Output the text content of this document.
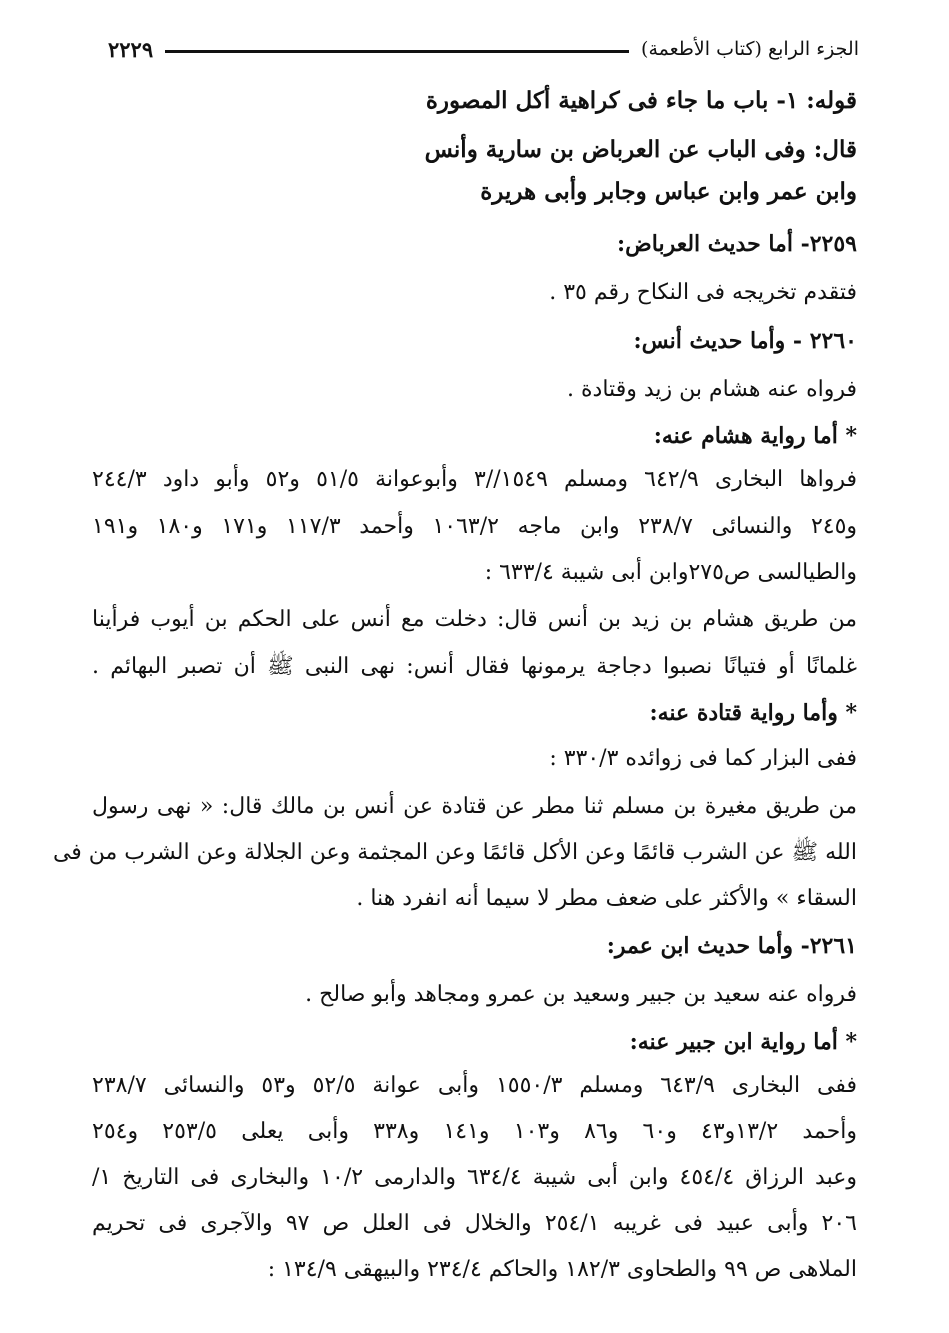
الجزء الرابع (كتاب الأطعمة)
٢٢٢٩
قوله: ١- باب ما جاء فى كراهية أكل المصورة
قال: وفى الباب عن العرباض بن سارية وأنس
وابن عمر وابن عباس وجابر وأبى هريرة
٢٢٥٩- أما حديث العرباض:
فتقدم تخريجه فى النكاح رقم ٣٥ .
٢٢٦٠ - وأما حديث أنس:
فرواه عنه هشام بن زيد وقتادة .
* أما رواية هشام عنه:
فرواها البخارى ٦٤٢/٩ ومسلم ١٥٤٩//٣ وأبوعوانة ٥١/٥ و٥٢ وأبو داود ٢٤٤/٣
و٢٤٥ والنسائى ٢٣٨/٧ وابن ماجه ١٠٦٣/٢ وأحمد ١١٧/٣ و١٧١ و١٨٠ و١٩١
والطيالسى ص٢٧٥وابن أبى شيبة ٦٣٣/٤ :
من طريق هشام بن زيد بن أنس قال: دخلت مع أنس على الحكم بن أيوب فرأينا
غلمانًا أو فتيانًا نصبوا دجاجة يرمونها فقال أنس: نهى النبى ﷺ أن تصبر البهائم .
* وأما رواية قتادة عنه:
ففى البزار كما فى زوائده ٣٣٠/٣ :
من طريق مغيرة بن مسلم ثنا مطر عن قتادة عن أنس بن مالك قال: « نهى رسول
الله ﷺ عن الشرب قائمًا وعن الأكل قائمًا وعن المجثمة وعن الجلالة وعن الشرب من فى
السقاء » والأكثر على ضعف مطر لا سيما أنه انفرد هنا .
٢٢٦١- وأما حديث ابن عمر:
فرواه عنه سعيد بن جبير وسعيد بن عمرو ومجاهد وأبو صالح .
* أما رواية ابن جبير عنه:
ففى البخارى ٦٤٣/٩ ومسلم ١٥٥٠/٣ وأبى عوانة ٥٢/٥ و٥٣ والنسائى ٢٣٨/٧
وأحمد ١٣/٢و٤٣ و٦٠ و٨٦ و١٠٣ و١٤١ و٣٣٨ وأبى يعلى ٢٥٣/٥ و٢٥٤
وعبد الرزاق ٤٥٤/٤ وابن أبى شيبة ٦٣٤/٤ والدارمى ١٠/٢ والبخارى فى التاريخ ١/
٢٠٦ وأبى عبيد فى غريبه ٢٥٤/١ والخلال فى العلل ص ٩٧ والآجرى فى تحريم
الملاهى ص ٩٩ والطحاوى ١٨٢/٣ والحاكم ٢٣٤/٤ والبيهقى ١٣٤/٩ :
